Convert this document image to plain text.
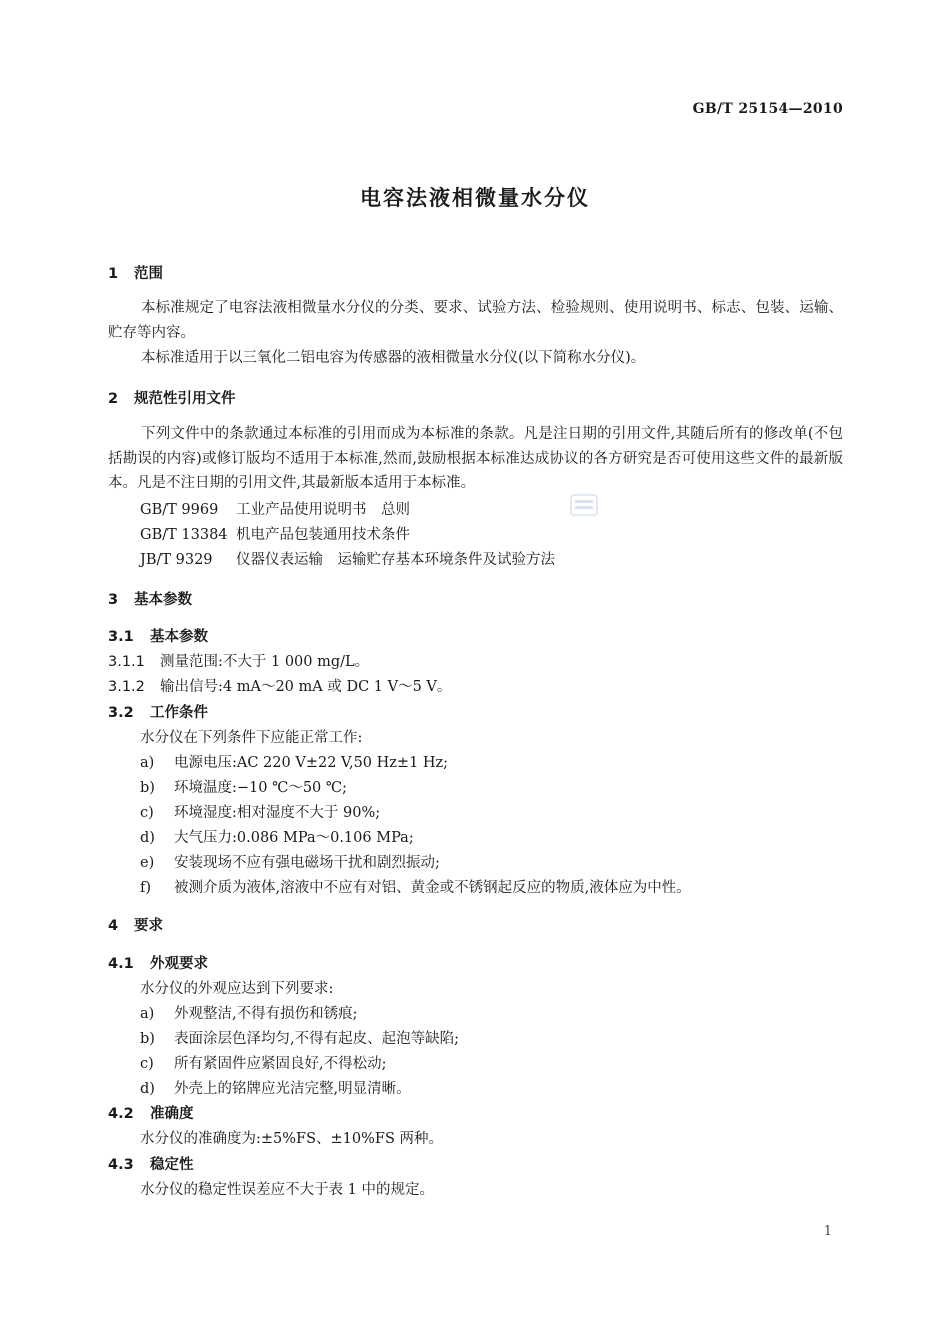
GB/T 25154—2010
电容法液相微量水分仪
1 范围
本标准规定了电容法液相微量水分仪的分类、要求、试验方法、检验规则、使用说明书、标志、包装、运输、贮存等内容。
本标准适用于以三氧化二铝电容为传感器的液相微量水分仪(以下简称水分仪)。
2 规范性引用文件
下列文件中的条款通过本标准的引用而成为本标准的条款。凡是注日期的引用文件,其随后所有的修改单(不包括勘误的内容)或修订版均不适用于本标准,然而,鼓励根据本标准达成协议的各方研究是否可使用这些文件的最新版本。凡是不注日期的引用文件,其最新版本适用于本标准。
GB/T 9969 工业产品使用说明书　总则
GB/T 13384 机电产品包装通用技术条件
JB/T 9329 仪器仪表运输　运输贮存基本环境条件及试验方法
3 基本参数
3.1 基本参数
3.1.1 测量范围:不大于 1 000 mg/L。
3.1.2 输出信号:4 mA～20 mA 或 DC 1 V～5 V。
3.2 工作条件
水分仪在下列条件下应能正常工作:
a) 电源电压:AC 220 V±22 V,50 Hz±1 Hz;
b) 环境温度:−10 ℃～50 ℃;
c) 环境湿度:相对湿度不大于 90%;
d) 大气压力:0.086 MPa～0.106 MPa;
e) 安装现场不应有强电磁场干扰和剧烈振动;
f) 被测介质为液体,溶液中不应有对铝、黄金或不锈钢起反应的物质,液体应为中性。
4 要求
4.1 外观要求
水分仪的外观应达到下列要求:
a) 外观整洁,不得有损伤和锈痕;
b) 表面涂层色泽均匀,不得有起皮、起泡等缺陷;
c) 所有紧固件应紧固良好,不得松动;
d) 外壳上的铭牌应光洁完整,明显清晰。
4.2 准确度
水分仪的准确度为:±5%FS、±10%FS 两种。
4.3 稳定性
水分仪的稳定性误差应不大于表 1 中的规定。
1
